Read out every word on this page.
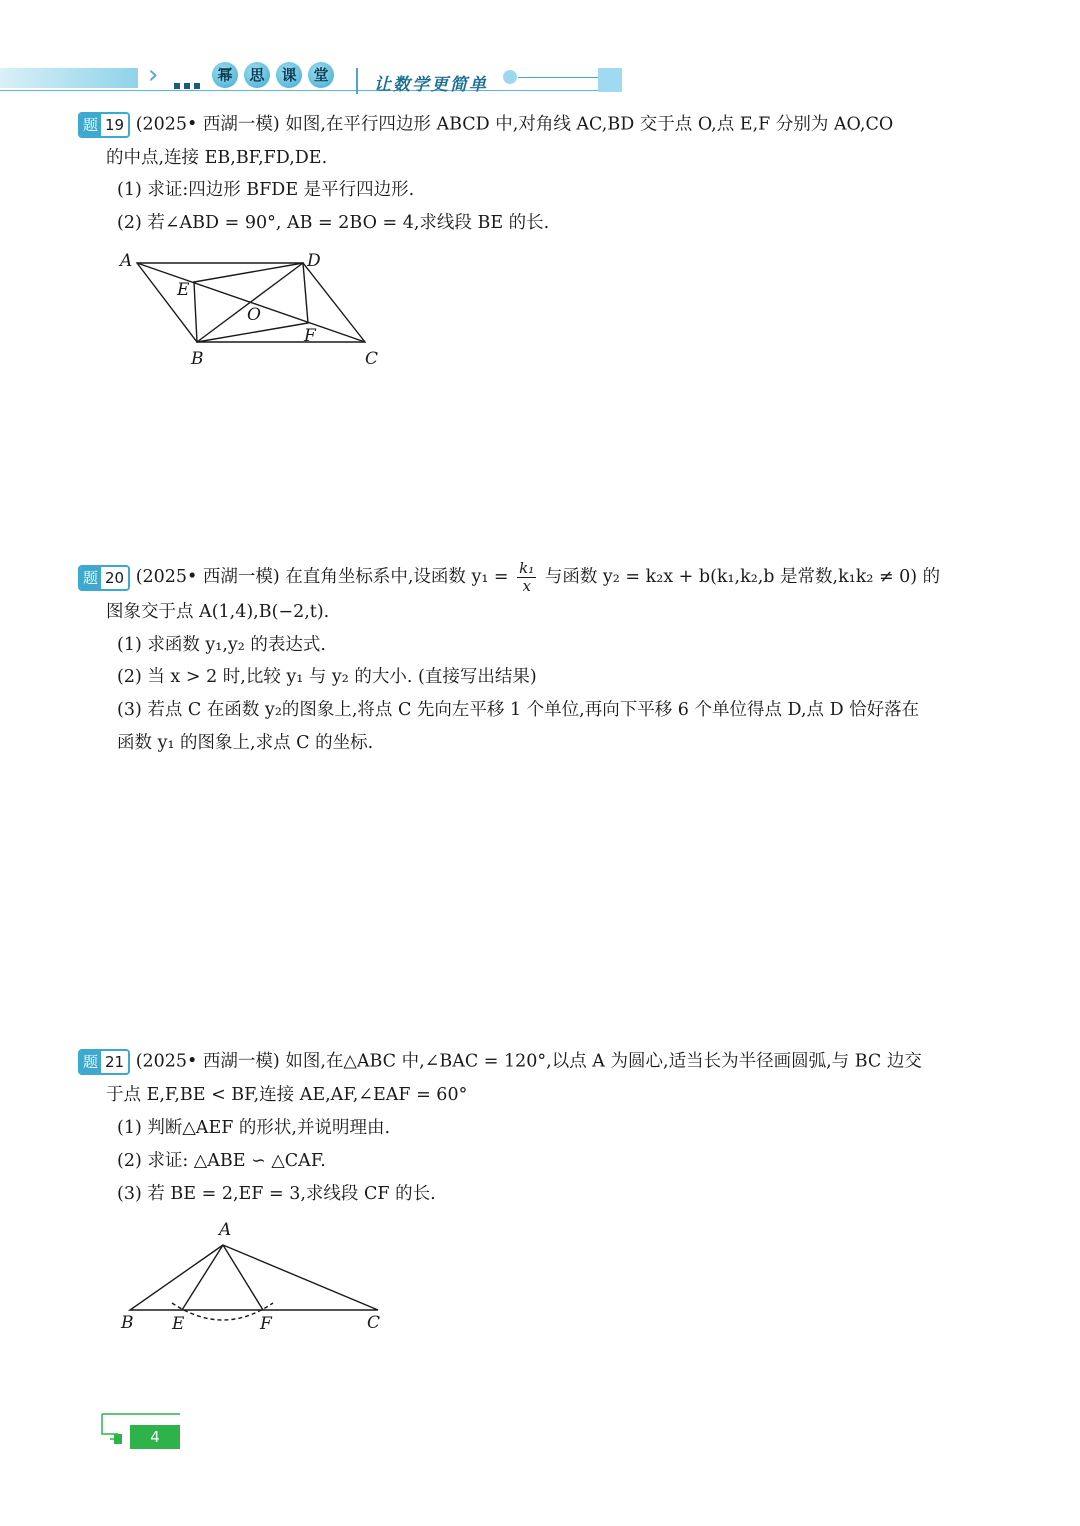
›	幂	思	课	堂	让数学更简单
题 19 (2025• 西湖一模) 如图,在平行四边形 ABCD 中,对角线 AC,BD 交于点 O,点 E,F 分别为 AO,CO
的中点,连接 EB,BF,FD,DE.
(1) 求证:四边形 BFDE 是平行四边形.
(2) 若∠ABD = 90°, AB = 2BO = 4,求线段 BE 的长.
A	D
E
O
F
B	C
题 20 (2025• 西湖一模) 在直角坐标系中,设函数 $y_1 = \frac{\text{k₁}}{x}$ 与函数 y₂ = k₂x + b(k₁,k₂,b 是常数,k₁k₂ ≠ 0) 的
图象交于点 A(1,4),B(−2,t).
(1) 求函数 y₁,y₂ 的表达式.
(2) 当 x > 2 时,比较 y₁ 与 y₂ 的大小. (直接写出结果)
(3) 若点 C 在函数 y₂的图象上,将点 C 先向左平移 1 个单位,再向下平移 6 个单位得点 D,点 D 恰好落在
函数 y₁ 的图象上,求点 C 的坐标.
题 21 (2025• 西湖一模) 如图,在△ABC 中,∠BAC = 120°,以点 A 为圆心,适当长为半径画圆弧,与 BC 边交
于点 E,F,BE < BF,连接 AE,AF,∠EAF = 60°
(1) 判断△AEF 的形状,并说明理由.
(2) 求证: △ABE ∽ △CAF.
(3) 若 BE = 2,EF = 3,求线段 CF 的长.
A
B E	F	C
4
